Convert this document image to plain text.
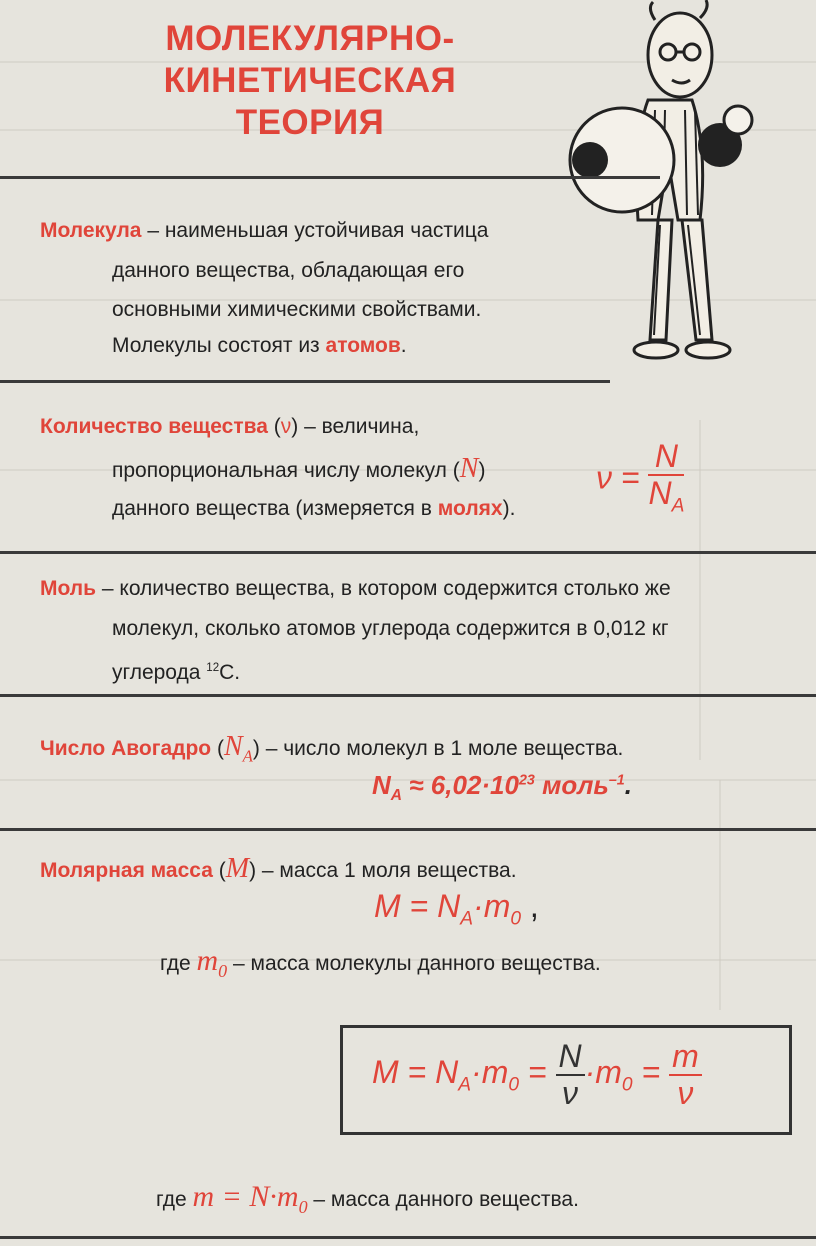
МОЛЕКУЛЯРНО-
КИНЕТИЧЕСКАЯ
ТЕОРИЯ
Молекула – наименьшая устойчивая частица
данного вещества, обладающая его
основными химическими свойствами.
Молекулы состоят из атомов.
Количество вещества (ν) – величина,
пропорциональная числу молекул (N)
данного вещества (измеряется в молях).
$\nu = \frac{N}{N_A}$
Моль – количество вещества, в котором содержится столько же
молекул, сколько атомов углерода содержится в 0,012 кг
углерода $^{12}$C.
Число Авогадро $(N_A)$ – число молекул в 1 моле вещества.
$N_A \approx 6,02\cdot 10^{23}$ моль$^{-1}$.
Молярная масса (M) – масса 1 моля вещества.
$M = N_A\cdot m_0$ ,
где $m_0$ – масса молекулы данного вещества.
$M = N_A\cdot m_0 = \frac{N}{\nu} \cdot m_0 = \frac{m}{\nu}$
где $m = N\cdot m_0$ – масса данного вещества.
